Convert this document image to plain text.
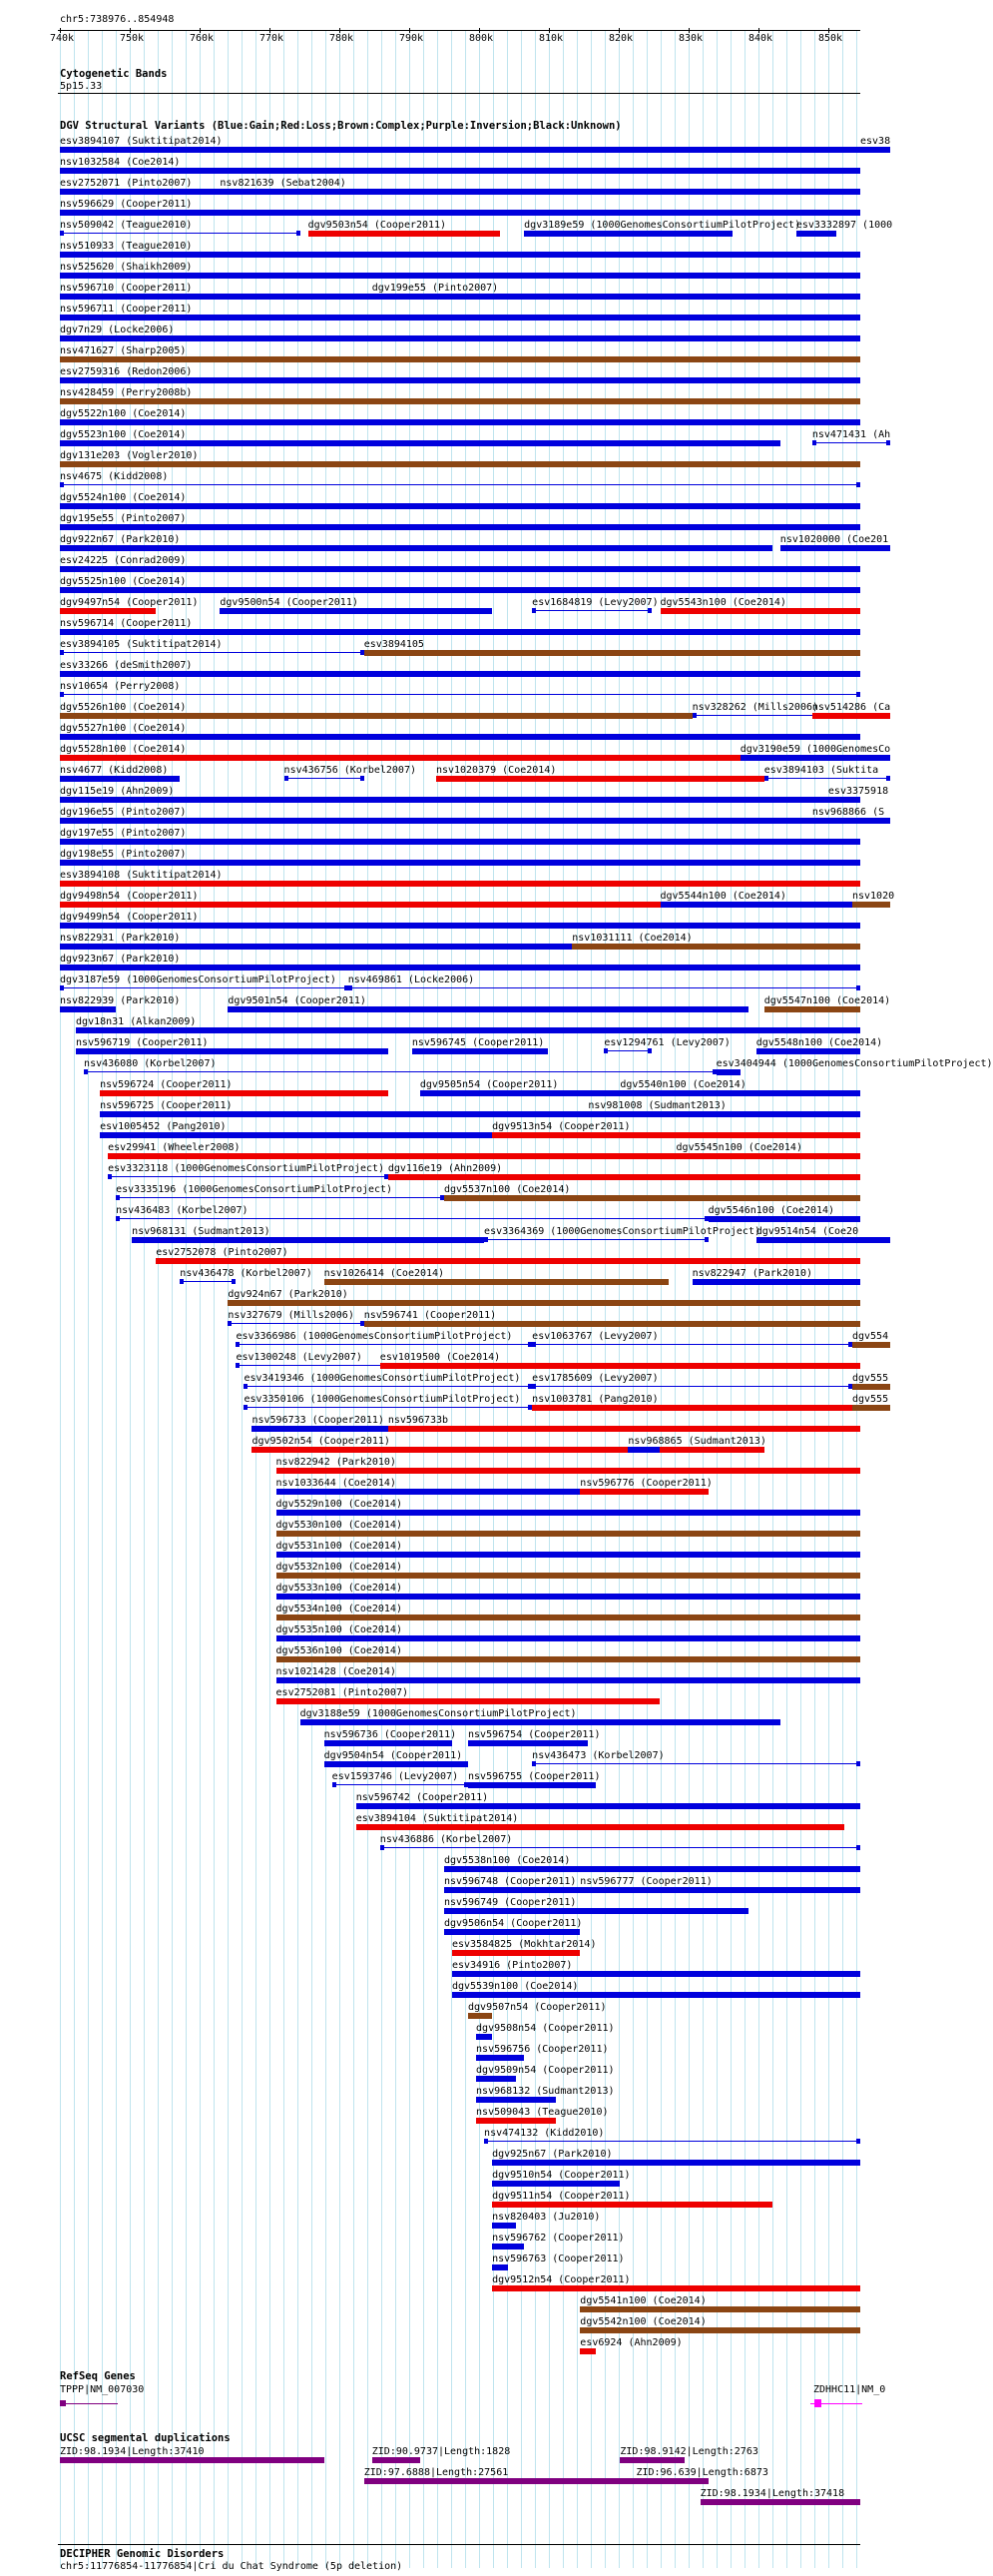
chr5:738976..854948
Cytogenetic Bands
5p15.33
DGV Structural Variants (Blue:Gain;Red:Loss;Brown:Complex;Purple:Inversion;Black:Unknown)
RefSeq Genes
UCSC segmental duplications
DECIPHER Genomic Disorders
chr5:11776854-11776854|Cri du Chat Syndrome (5p deletion)
740k	750k	760k	770k	780k	790k	800k	810k	820k	830k	840k	850k
esv3894107 (Suktitipat2014)	esv38
nsv1032584 (Coe2014)
esv2752071 (Pinto2007)	nsv821639 (Sebat2004)
nsv596629 (Cooper2011)
nsv509042 (Teague2010)	dgv9503n54 (Cooper2011)	dgv3189e59 (1000GenomesConsortiumPilotProject)
esv3332897 (1000
nsv510933 (Teague2010)
nsv525620 (Shaikh2009)
nsv596710 (Cooper2011)	dgv199e55 (Pinto2007)
nsv596711 (Cooper2011)
dgv7n29 (Locke2006)
nsv471627 (Sharp2005)
esv2759316 (Redon2006)
nsv428459 (Perry2008b)
dgv5522n100 (Coe2014)
dgv5523n100 (Coe2014)	nsv471431 (Ah
dgv131e203 (Vogler2010)
nsv4675 (Kidd2008)
dgv5524n100 (Coe2014)
dgv195e55 (Pinto2007)
dgv922n67 (Park2010)	nsv1020000 (Coe201
esv24225 (Conrad2009)
dgv5525n100 (Coe2014)
dgv9497n54 (Cooper2011) dgv9500n54 (Cooper2011)	esv1684819 (Levy2007) dgv5543n100 (Coe2014)
nsv596714 (Cooper2011)
esv3894105 (Suktitipat2014)	esv3894105
esv33266 (deSmith2007)
nsv10654 (Perry2008)
dgv5526n100 (Coe2014)	nsv328262 (Mills2006)
nsv514286 (Ca
dgv5527n100 (Coe2014)
dgv5528n100 (Coe2014)	dgv3190e59 (1000GenomesCo
nsv4677 (Kidd2008)	nsv436756 (Korbel2007) nsv1020379 (Coe2014)	esv3894103 (Suktita
dgv115e19 (Ahn2009)	esv3375918
dgv196e55 (Pinto2007)	nsv968866 (S
dgv197e55 (Pinto2007)
dgv198e55 (Pinto2007)
esv3894108 (Suktitipat2014)
dgv9498n54 (Cooper2011)	dgv5544n100 (Coe2014)	nsv1020
dgv9499n54 (Cooper2011)
nsv822931 (Park2010)	nsv1031111 (Coe2014)
dgv923n67 (Park2010)
dgv3187e59 (1000GenomesConsortiumPilotProject) nsv469861 (Locke2006)
nsv822939 (Park2010)	dgv9501n54 (Cooper2011)	dgv5547n100 (Coe2014)
dgv18n31 (Alkan2009)
nsv596719 (Cooper2011)	nsv596745 (Cooper2011)	esv1294761 (Levy2007)	dgv5548n100 (Coe2014)
nsv436080 (Korbel2007)	esv3404944 (1000GenomesConsortiumPilotProject)
nsv596724 (Cooper2011)	dgv9505n54 (Cooper2011)	dgv5540n100 (Coe2014)
nsv596725 (Cooper2011)	nsv981008 (Sudmant2013)
esv1005452 (Pang2010)	dgv9513n54 (Cooper2011)
esv29941 (Wheeler2008)	dgv5545n100 (Coe2014)
esv3323118 (1000GenomesConsortiumPilotProject) dgv116e19 (Ahn2009)
esv3335196 (1000GenomesConsortiumPilotProject)	dgv5537n100 (Coe2014)
nsv436483 (Korbel2007)	dgv5546n100 (Coe2014)
nsv968131 (Sudmant2013)	esv3364369 (1000GenomesConsortiumPilotProject)
dgv9514n54 (Coe20
esv2752078 (Pinto2007)
nsv436478 (Korbel2007) nsv1026414 (Coe2014)	nsv822947 (Park2010)
dgv924n67 (Park2010)
nsv327679 (Mills2006) nsv596741 (Cooper2011)
esv3366986 (1000GenomesConsortiumPilotProject) esv1063767 (Levy2007)	dgv554
esv1300248 (Levy2007) esv1019500 (Coe2014)
esv3419346 (1000GenomesConsortiumPilotProject) esv1785609 (Levy2007)	dgv555
esv3350106 (1000GenomesConsortiumPilotProject) nsv1003781 (Pang2010)	dgv555
nsv596733 (Cooper2011) nsv596733b
dgv9502n54 (Cooper2011)	nsv968865 (Sudmant2013)
nsv822942 (Park2010)
nsv1033644 (Coe2014)	nsv596776 (Cooper2011)
dgv5529n100 (Coe2014)
dgv5530n100 (Coe2014)
dgv5531n100 (Coe2014)
dgv5532n100 (Coe2014)
dgv5533n100 (Coe2014)
dgv5534n100 (Coe2014)
dgv5535n100 (Coe2014)
dgv5536n100 (Coe2014)
nsv1021428 (Coe2014)
esv2752081 (Pinto2007)
dgv3188e59 (1000GenomesConsortiumPilotProject)
nsv596736 (Cooper2011) nsv596754 (Cooper2011)
dgv9504n54 (Cooper2011)	nsv436473 (Korbel2007)
esv1593746 (Levy2007) nsv596755 (Cooper2011)
nsv596742 (Cooper2011)
esv3894104 (Suktitipat2014)
nsv436886 (Korbel2007)
dgv5538n100 (Coe2014)
nsv596748 (Cooper2011) nsv596777 (Cooper2011)
nsv596749 (Cooper2011)
dgv9506n54 (Cooper2011)
esv3584825 (Mokhtar2014)
esv34916 (Pinto2007)
dgv5539n100 (Coe2014)
dgv9507n54 (Cooper2011)
dgv9508n54 (Cooper2011)
nsv596756 (Cooper2011)
dgv9509n54 (Cooper2011)
nsv968132 (Sudmant2013)
nsv509043 (Teague2010)
nsv474132 (Kidd2010)
dgv925n67 (Park2010)
dgv9510n54 (Cooper2011)
dgv9511n54 (Cooper2011)
nsv820403 (Ju2010)
nsv596762 (Cooper2011)
nsv596763 (Cooper2011)
dgv9512n54 (Cooper2011)
dgv5541n100 (Coe2014)
dgv5542n100 (Coe2014)
esv6924 (Ahn2009)
TPPP|NM_007030	ZDHHC11|NM_0
ZID:98.1934|Length:37410	ZID:90.9737|Length:1828	ZID:98.9142|Length:2763
ZID:97.6888|Length:27561	ZID:96.639|Length:6873
ZID:98.1934|Length:37418
